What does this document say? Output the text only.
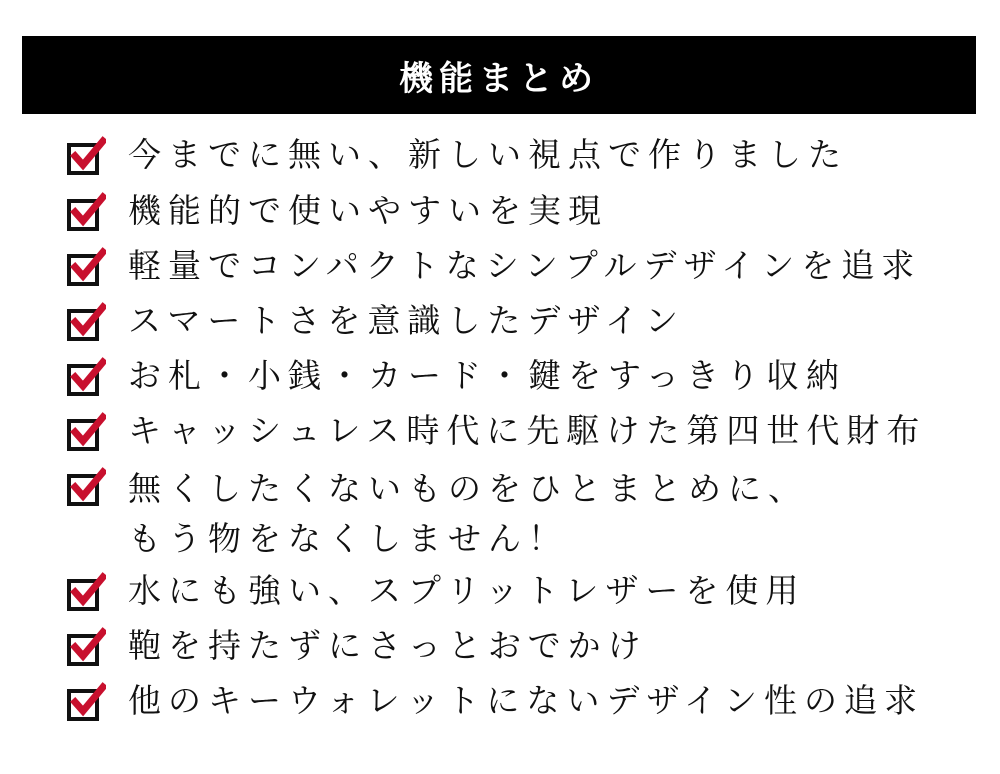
機能まとめ
今までに無い、新しい視点で作りました
機能的で使いやすいを実現
軽量でコンパクトなシンプルデザインを追求
スマートさを意識したデザイン
お札・小銭・カード・鍵をすっきり収納
キャッシュレス時代に先駆けた第四世代財布
無くしたくないものをひとまとめに、
もう物をなくしません！
水にも強い、スプリットレザーを使用
鞄を持たずにさっとおでかけ
他のキーウォレットにないデザイン性の追求
